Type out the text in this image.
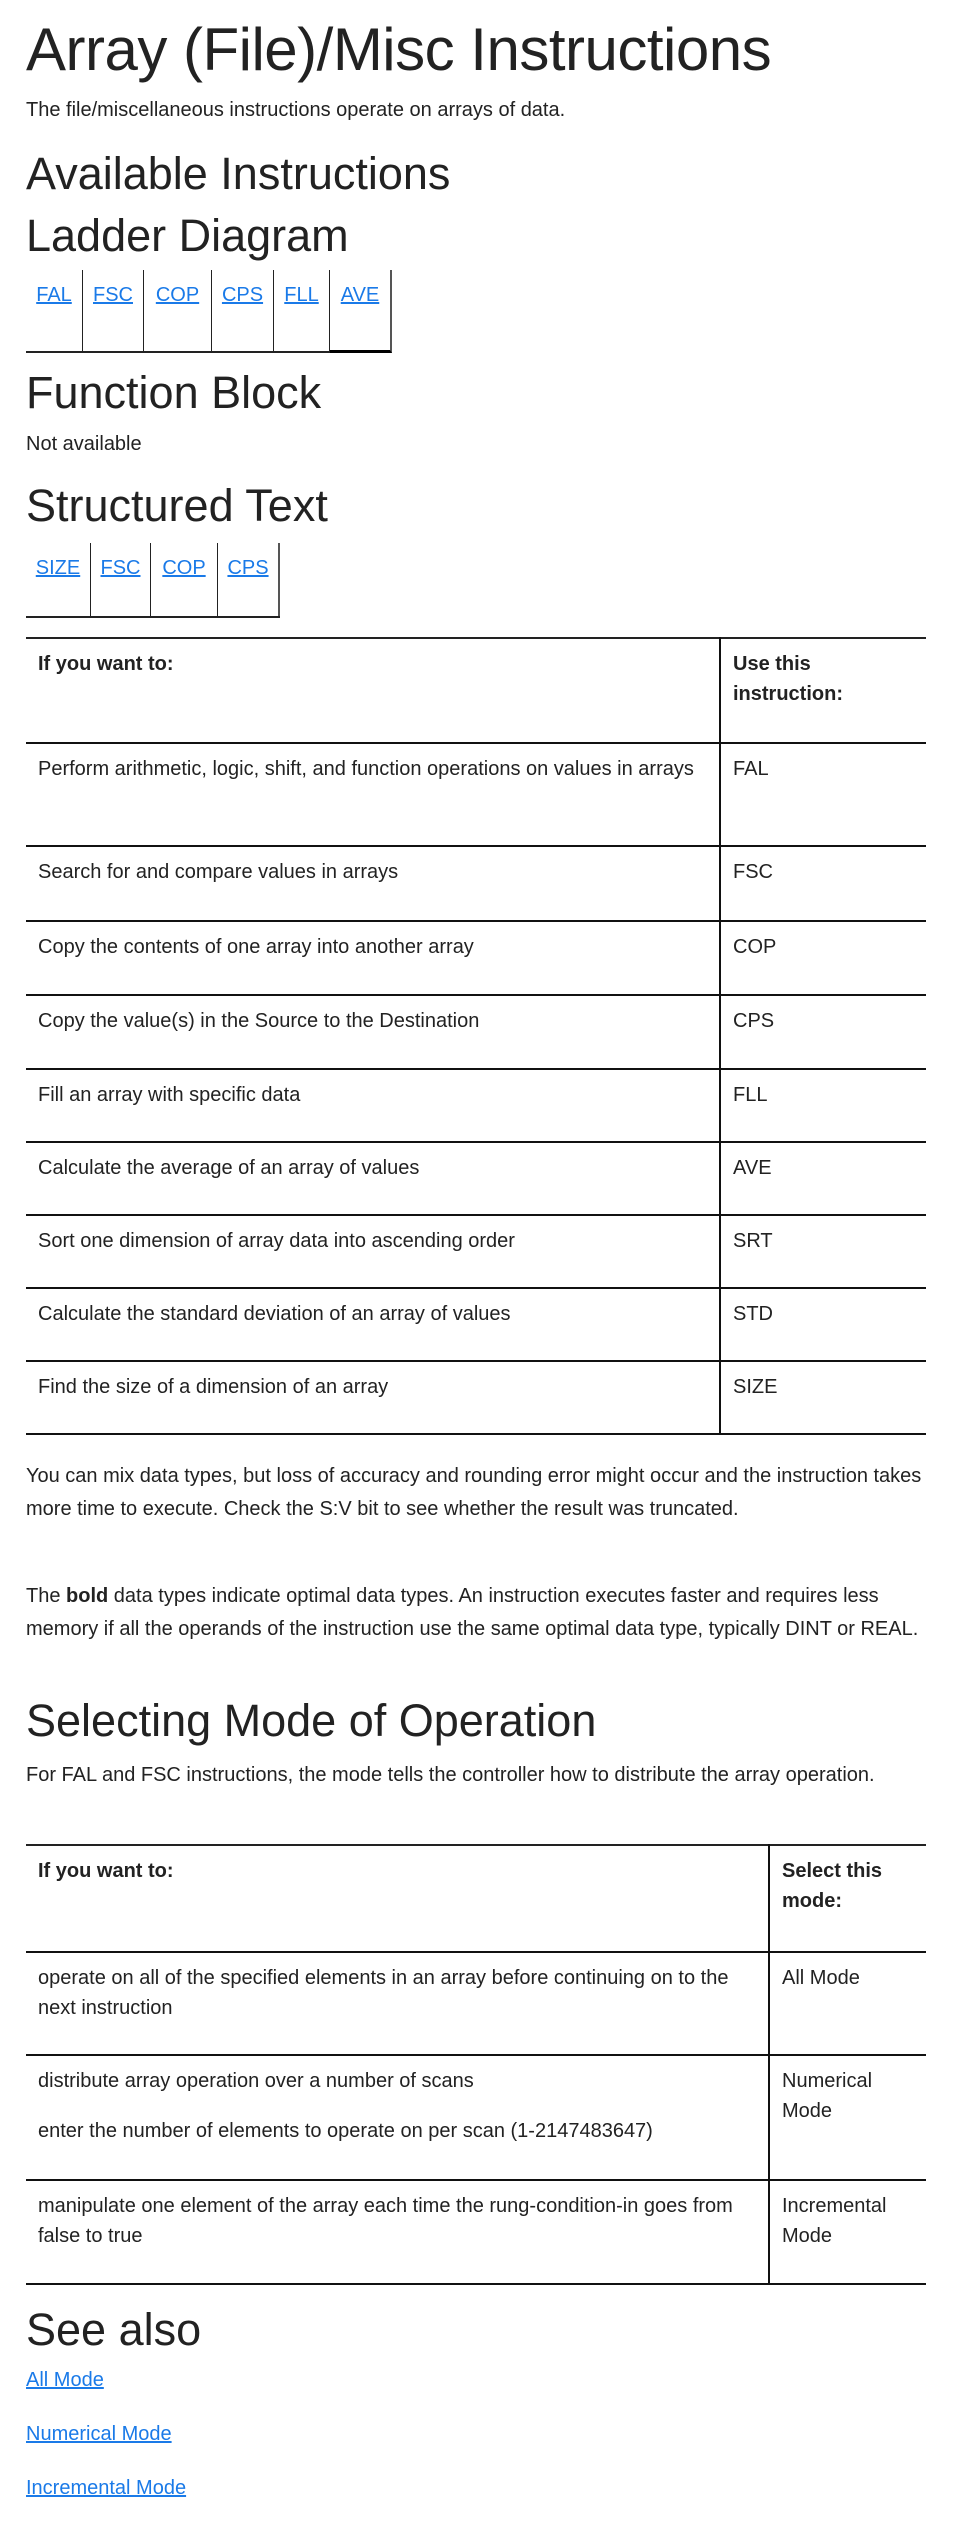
Array (File)/Misc Instructions

The file/miscellaneous instructions operate on arrays of data.

Available Instructions
Ladder Diagram
FAL	FSC	COP	CPS	FLL	AVE
Function Block

Not available

Structured Text
SIZE	FSC	COP	CPS
If you want to:	Use this instruction:
Perform arithmetic, logic, shift, and function operations on values in arrays	FAL
Search for and compare values in arrays	FSC
Copy the contents of one array into another array	COP
Copy the value(s) in the Source to the Destination	CPS
Fill an array with specific data	FLL
Calculate the average of an array of values	AVE
Sort one dimension of array data into ascending order	SRT
Calculate the standard deviation of an array of values	STD
Find the size of a dimension of an array	SIZE

You can mix data types, but loss of accuracy and rounding error might occur and the instruction takes more time to execute. Check the S:V bit to see whether the result was truncated.

The bold data types indicate optimal data types. An instruction executes faster and requires less memory if all the operands of the instruction use the same optimal data type, typically DINT or REAL.

Selecting Mode of Operation

For FAL and FSC instructions, the mode tells the controller how to distribute the array operation.

If you want to:	Select this mode:

operate on all of the specified elements in an array before continuing on to the next instruction	All Mode

distribute array operation over a number of scans

enter the number of elements to operate on per scan (1-2147483647)	Numerical Mode

manipulate one element of the array each time the rung-condition-in goes from false to true	Incremental Mode
See also
All Mode
Numerical Mode
Incremental Mode
